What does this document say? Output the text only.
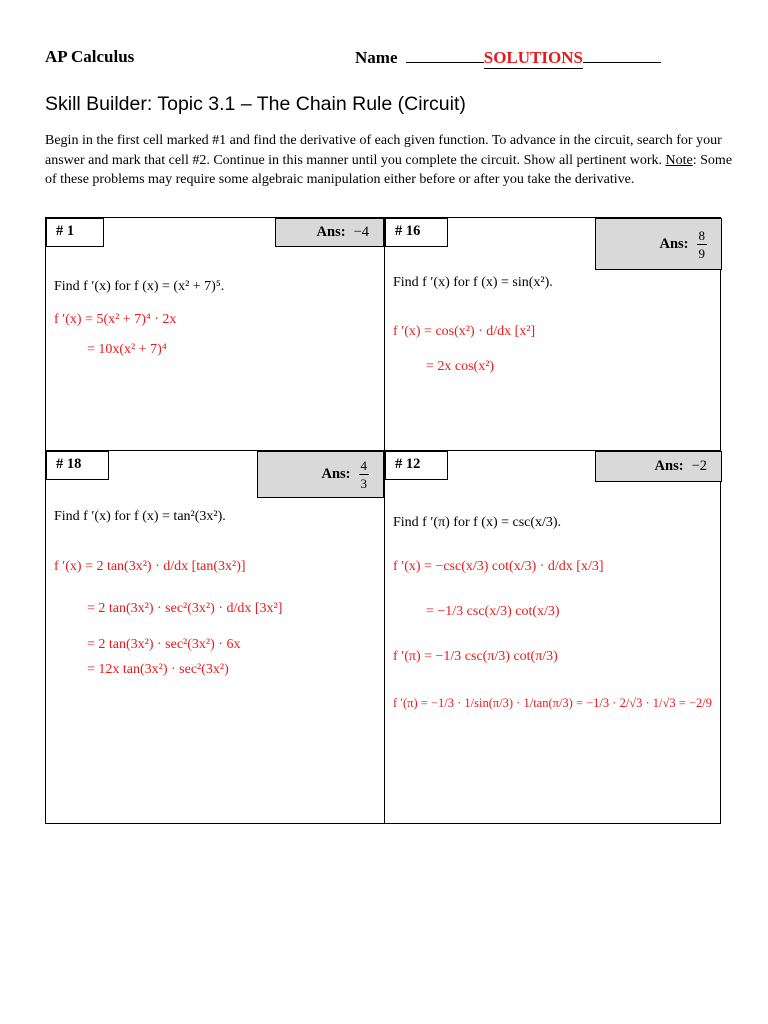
AP Calculus	Name	SOLUTIONS
Skill Builder: Topic 3.1 – The Chain Rule (Circuit)
Begin in the first cell marked #1 and find the derivative of each given function. To advance in the circuit, search for your answer and mark that cell #2. Continue in this manner until you complete the circuit. Show all pertinent work. Note: Some of these problems may require some algebraic manipulation either before or after you take the derivative.
# 1	Ans: −4
Find f ′(x) for f (x) = (x² + 7)⁵.
f ′(x) = 5(x² + 7)⁴ · 2x
= 10x(x² + 7)⁴
# 16
Ans: $\frac{8}{9}$
Find f ′(x) for f (x) = sin(x²).
f ′(x) = cos(x²) · d/dx [x²]
= 2x cos(x²)
# 18
Ans: $\frac{4}{3}$
Find f ′(x) for f (x) = tan²(3x²).
f ′(x) = 2 tan(3x²) · d/dx [tan(3x²)]
= 2 tan(3x²) · sec²(3x²) · d/dx [3x²]
= 2 tan(3x²) · sec²(3x²) · 6x
= 12x tan(3x²) · sec²(3x²)
# 12	Ans: −2
Find f ′(π) for f (x) = csc(x/3).
f ′(x) = −csc(x/3) cot(x/3) · d/dx [x/3]
= −1/3 csc(x/3) cot(x/3)
f ′(π) = −1/3 csc(π/3) cot(π/3)
f ′(π) = −1/3 · 1/sin(π/3) · 1/tan(π/3) = −1/3 · 2/√3 · 1/√3 = −2/9
